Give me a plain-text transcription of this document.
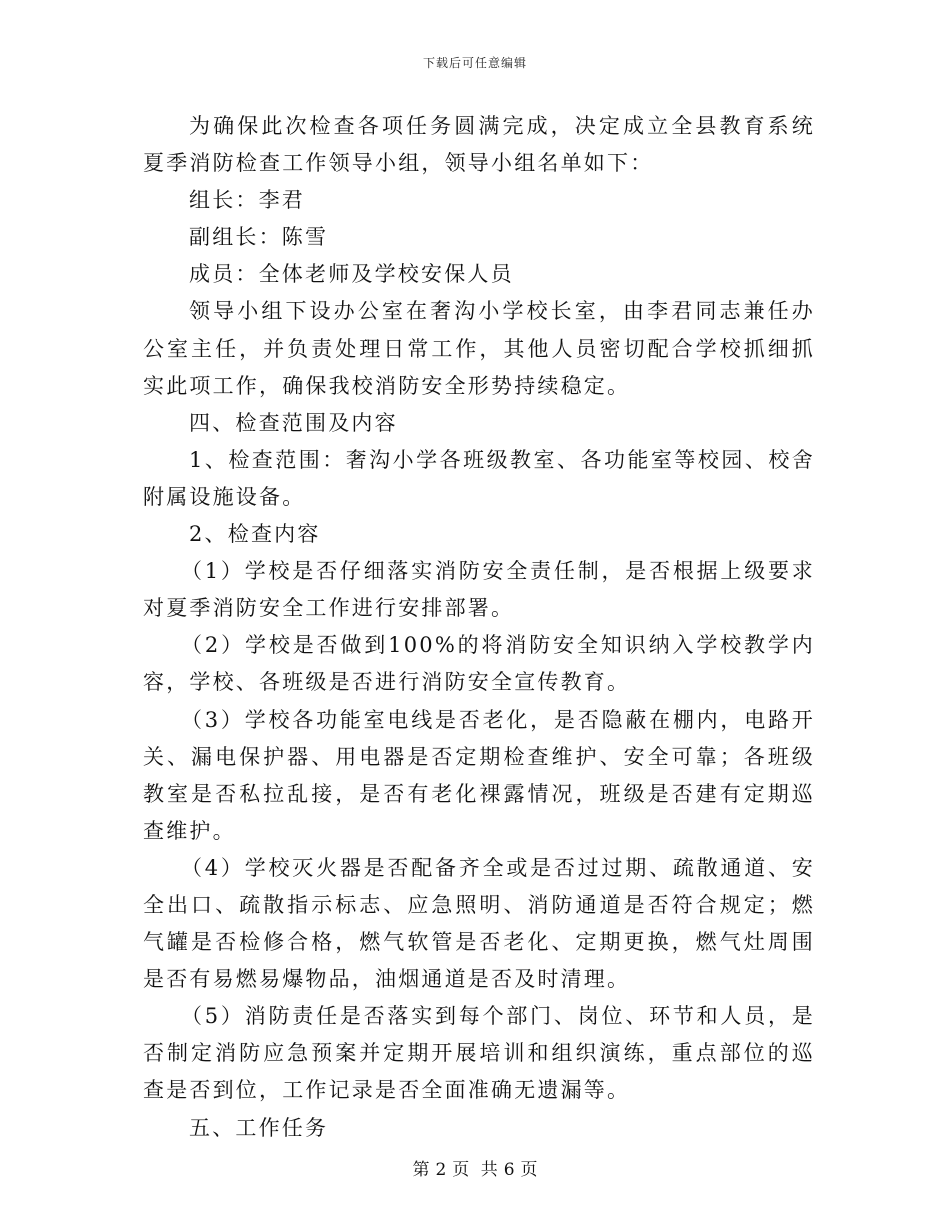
下载后可任意编辑

为确保此次检查各项任务圆满完成，决定成立全县教育系统夏季消防检查工作领导小组，领导小组名单如下：

组长：李君

副组长：陈雪

成员：全体老师及学校安保人员

领导小组下设办公室在奢沟小学校长室，由李君同志兼任办公室主任，并负责处理日常工作，其他人员密切配合学校抓细抓实此项工作，确保我校消防安全形势持续稳定。

四、检查范围及内容

1、检查范围：奢沟小学各班级教室、各功能室等校园、校舍附属设施设备。

2、检查内容

（1）学校是否仔细落实消防安全责任制，是否根据上级要求对夏季消防安全工作进行安排部署。

（2）学校是否做到100%的将消防安全知识纳入学校教学内容，学校、各班级是否进行消防安全宣传教育。

（3）学校各功能室电线是否老化，是否隐蔽在棚内，电路开关、漏电保护器、用电器是否定期检查维护、安全可靠；各班级教室是否私拉乱接，是否有老化裸露情况，班级是否建有定期巡查维护。

（4）学校灭火器是否配备齐全或是否过过期、疏散通道、安全出口、疏散指示标志、应急照明、消防通道是否符合规定；燃气罐是否检修合格，燃气软管是否老化、定期更换，燃气灶周围是否有易燃易爆物品，油烟通道是否及时清理。

（5）消防责任是否落实到每个部门、岗位、环节和人员，是否制定消防应急预案并定期开展培训和组织演练，重点部位的巡查是否到位，工作记录是否全面准确无遗漏等。

五、工作任务

第 2 页 共 6 页
